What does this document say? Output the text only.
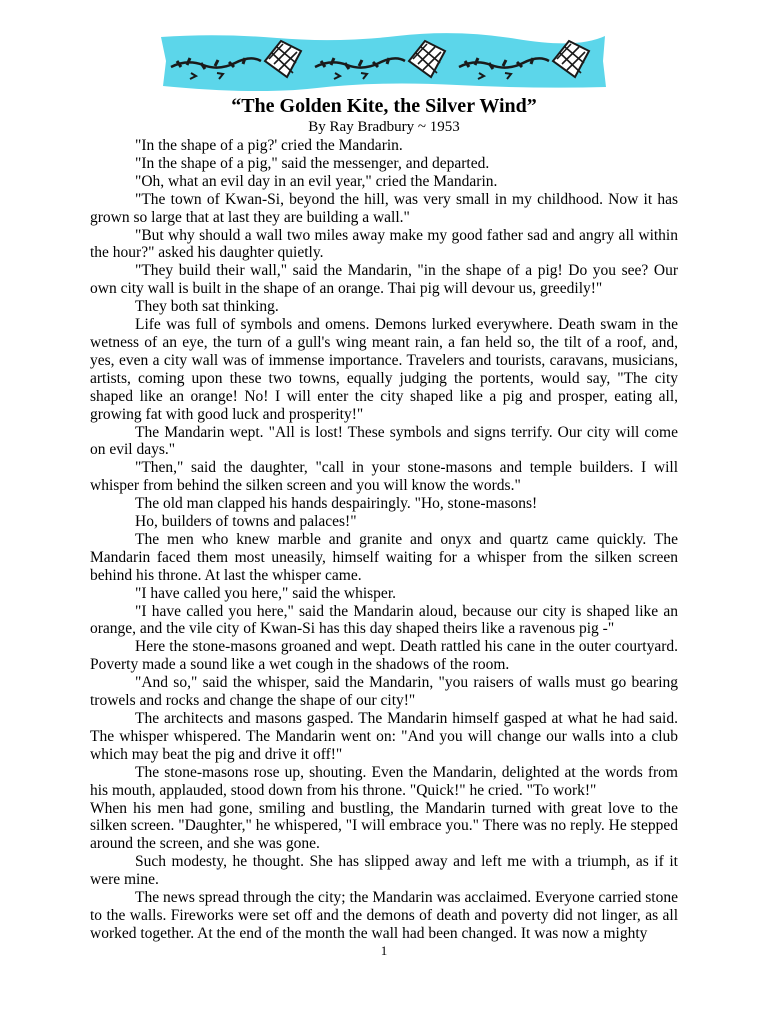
“The Golden Kite, the Silver Wind”
By Ray Bradbury ~ 1953

"In the shape of a pig?' cried the Mandarin.

"In the shape of a pig," said the messenger, and departed.

"Oh, what an evil day in an evil year," cried the Mandarin.

"The town of Kwan-Si, beyond the hill, was very small in my childhood. Now it has grown so large that at last they are building a wall."

"But why should a wall two miles away make my good father sad and angry all within the hour?" asked his daughter quietly.

"They build their wall," said the Mandarin, "in the shape of a pig! Do you see? Our own city wall is built in the shape of an orange. Thai pig will devour us, greedily!"

They both sat thinking.

Life was full of symbols and omens. Demons lurked everywhere. Death swam in the wetness of an eye, the turn of a gull's wing meant rain, a fan held so, the tilt of a roof, and, yes, even a city wall was of immense importance. Travelers and tourists, caravans, musicians, artists, coming upon these two towns, equally judging the portents, would say, "The city shaped like an orange! No! I will enter the city shaped like a pig and prosper, eating all, growing fat with good luck and prosperity!"

The Mandarin wept. "All is lost! These symbols and signs terrify. Our city will come on evil days."

"Then," said the daughter, "call in your stone-masons and temple builders. I will whisper from behind the silken screen and you will know the words."

The old man clapped his hands despairingly. "Ho, stone-masons!

Ho, builders of towns and palaces!"

The men who knew marble and granite and onyx and quartz came quickly. The Mandarin faced them most uneasily, himself waiting for a whisper from the silken screen behind his throne. At last the whisper came.

"I have called you here," said the whisper.

"I have called you here," said the Mandarin aloud, because our city is shaped like an orange, and the vile city of Kwan-Si has this day shaped theirs like a ravenous pig -"

Here the stone-masons groaned and wept. Death rattled his cane in the outer courtyard. Poverty made a sound like a wet cough in the shadows of the room.

"And so," said the whisper, said the Mandarin, "you raisers of walls must go bearing trowels and rocks and change the shape of our city!"

The architects and masons gasped. The Mandarin himself gasped at what he had said. The whisper whispered. The Mandarin went on: "And you will change our walls into a club which may beat the pig and drive it off!"

The stone-masons rose up, shouting. Even the Mandarin, delighted at the words from his mouth, applauded, stood down from his throne. "Quick!" he cried. "To work!"

When his men had gone, smiling and bustling, the Mandarin turned with great love to the silken screen. "Daughter," he whispered, "I will embrace you." There was no reply. He stepped around the screen, and she was gone.

Such modesty, he thought. She has slipped away and left me with a triumph, as if it were mine.

The news spread through the city; the Mandarin was acclaimed. Everyone carried stone to the walls. Fireworks were set off and the demons of death and poverty did not linger, as all worked together. At the end of the month the wall had been changed. It was now a mighty

1
